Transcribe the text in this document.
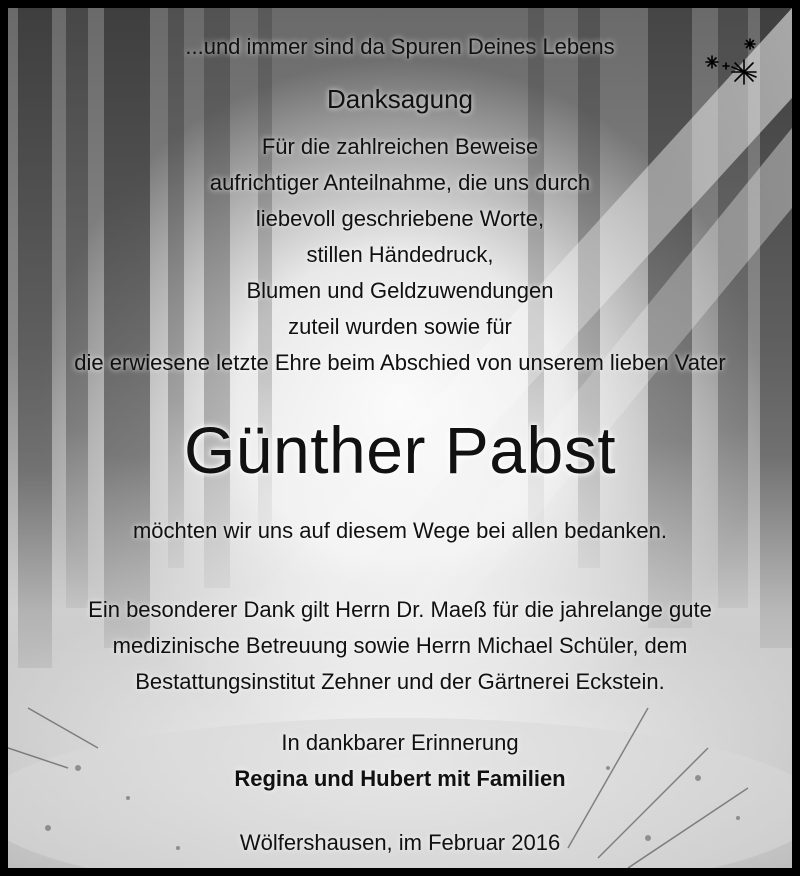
...und immer sind da Spuren Deines Lebens
Danksagung
Für die zahlreichen Beweise
aufrichtiger Anteilnahme, die uns durch
liebevoll geschriebene Worte,
stillen Händedruck,
Blumen und Geldzuwendungen
zuteil wurden sowie für
die erwiesene letzte Ehre beim Abschied von unserem lieben Vater
Günther Pabst
möchten wir uns auf diesem Wege bei allen bedanken.
Ein besonderer Dank gilt Herrn Dr. Maeß für die jahrelange gute
medizinische Betreuung sowie Herrn Michael Schüler, dem
Bestattungsinstitut Zehner und der Gärtnerei Eckstein.
In dankbarer Erinnerung
Regina und Hubert mit Familien
Wölfershausen, im Februar 2016
